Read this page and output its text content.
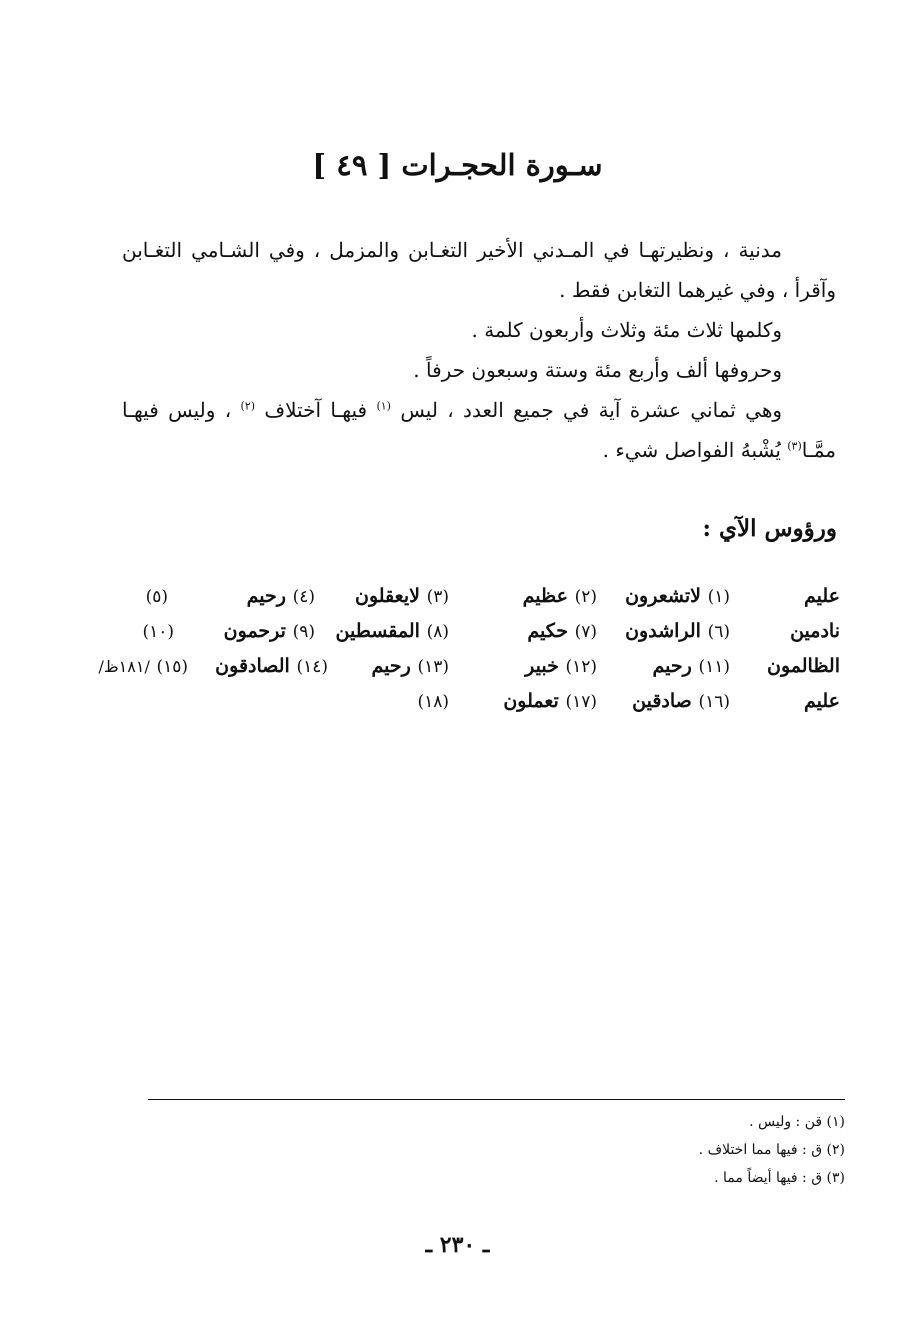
سـورة الحجـرات [ ٤٩ ]

مدنية ، ونظيرتهـا في المـدني الأخير التغـابن والمزمل ، وفي الشـامي التغـابن وآقرأ ، وفي غيرهما التغابن فقط .

وكلمها ثلاث مئة وثلاث وأربعون كلمة .

وحروفها ألف وأربع مئة وستة وسبعون حرفاً .

وهي ثماني عشرة آية في جميع العدد ، ليس $^{(١)}$ فيهـا آختلاف $^{(٢)}$ ، وليس فيهـا ممَّـا$^{(٣)}$ يُشْبهُ الفواصل شيء .

ورؤوس الآي :
عليم
(١) لاتشعرون
(٢) عظيم
(٣) لايعقلون
(٤) رحيم
(٥)
نادمين
(٦) الراشدون
(٧) حكيم
(٨) المقسطين
(٩) ترحمون
(١٠)
الظالمون
(١١) رحيم
(١٢) خبير
(١٣) رحيم
(١٤) الصادقون
(١٥) /١٨١ظ/
عليم
(١٦) صادقين
(١٧) تعملون
(١٨)
(١) قن : وليس .
(٢) ق : فيها مما اختلاف .
(٣) ق : فيها أيضاً مما .
ـ ٢٣٠ ـ
